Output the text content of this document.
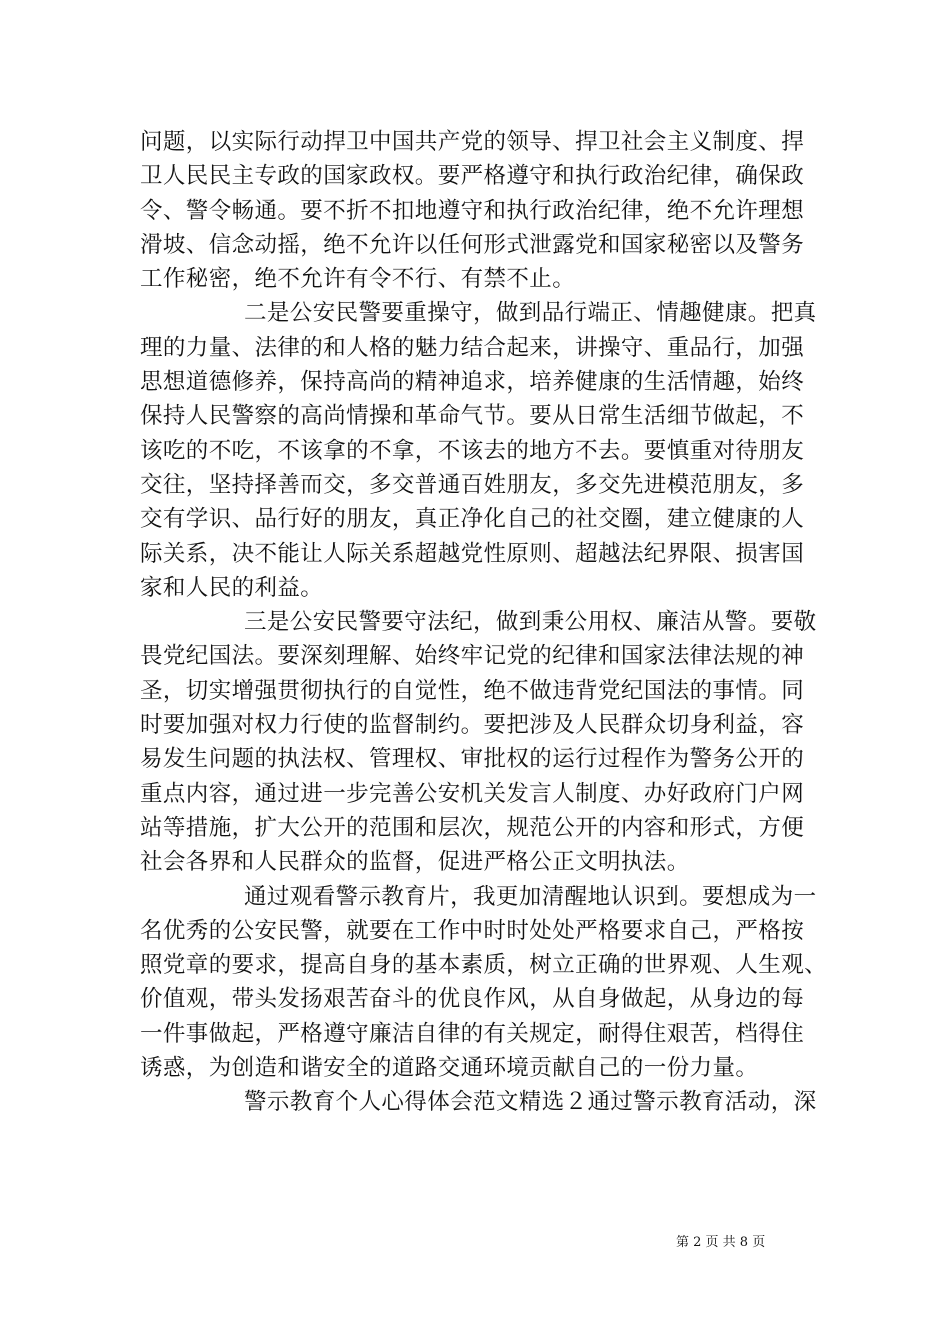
问题，以实际行动捍卫中国共产党的领导、捍卫社会主义制度、捍
卫人民民主专政的国家政权。要严格遵守和执行政治纪律，确保政
令、警令畅通。要不折不扣地遵守和执行政治纪律，绝不允许理想
滑坡、信念动摇，绝不允许以任何形式泄露党和国家秘密以及警务
工作秘密，绝不允许有令不行、有禁不止。
二是公安民警要重操守，做到品行端正、情趣健康。把真
理的力量、法律的和人格的魅力结合起来，讲操守、重品行，加强
思想道德修养，保持高尚的精神追求，培养健康的生活情趣，始终
保持人民警察的高尚情操和革命气节。要从日常生活细节做起，不
该吃的不吃，不该拿的不拿，不该去的地方不去。要慎重对待朋友
交往，坚持择善而交，多交普通百姓朋友，多交先进模范朋友，多
交有学识、品行好的朋友，真正净化自己的社交圈，建立健康的人
际关系，决不能让人际关系超越党性原则、超越法纪界限、损害国
家和人民的利益。
三是公安民警要守法纪，做到秉公用权、廉洁从警。要敬
畏党纪国法。要深刻理解、始终牢记党的纪律和国家法律法规的神
圣，切实增强贯彻执行的自觉性，绝不做违背党纪国法的事情。同
时要加强对权力行使的监督制约。要把涉及人民群众切身利益，容
易发生问题的执法权、管理权、审批权的运行过程作为警务公开的
重点内容，通过进一步完善公安机关发言人制度、办好政府门户网
站等措施，扩大公开的范围和层次，规范公开的内容和形式，方便
社会各界和人民群众的监督，促进严格公正文明执法。
通过观看警示教育片，我更加清醒地认识到。要想成为一
名优秀的公安民警，就要在工作中时时处处严格要求自己，严格按
照党章的要求，提高自身的基本素质，树立正确的世界观、人生观、
价值观，带头发扬艰苦奋斗的优良作风，从自身做起，从身边的每
一件事做起，严格遵守廉洁自律的有关规定，耐得住艰苦，档得住
诱惑，为创造和谐安全的道路交通环境贡献自己的一份力量。
警示教育个人心得体会范文精选２通过警示教育活动，深
第 2 页 共 8 页
